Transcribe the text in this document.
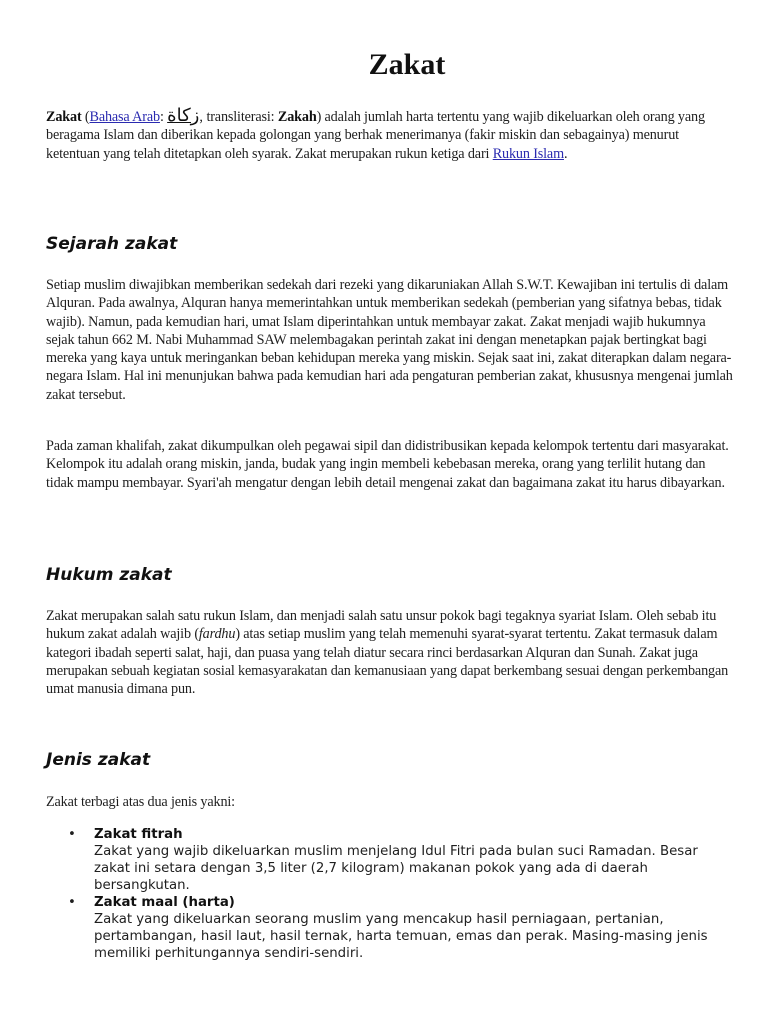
Zakat

Zakat (Bahasa Arab: زكاة, transliterasi: Zakah) adalah jumlah harta tertentu yang wajib dikeluarkan oleh orang yang beragama Islam dan diberikan kepada golongan yang berhak menerimanya (fakir miskin dan sebagainya) menurut ketentuan yang telah ditetapkan oleh syarak. Zakat merupakan rukun ketiga dari Rukun Islam.

Sejarah zakat

Setiap muslim diwajibkan memberikan sedekah dari rezeki yang dikaruniakan Allah S.W.T. Kewajiban ini tertulis di dalam Alquran. Pada awalnya, Alquran hanya memerintahkan untuk memberikan sedekah (pemberian yang sifatnya bebas, tidak wajib). Namun, pada kemudian hari, umat Islam diperintahkan untuk membayar zakat. Zakat menjadi wajib hukumnya sejak tahun 662 M. Nabi Muhammad SAW melembagakan perintah zakat ini dengan menetapkan pajak bertingkat bagi mereka yang kaya untuk meringankan beban kehidupan mereka yang miskin. Sejak saat ini, zakat diterapkan dalam negara-negara Islam. Hal ini menunjukan bahwa pada kemudian hari ada pengaturan pemberian zakat, khususnya mengenai jumlah zakat tersebut.

Pada zaman khalifah, zakat dikumpulkan oleh pegawai sipil dan didistribusikan kepada kelompok tertentu dari masyarakat. Kelompok itu adalah orang miskin, janda, budak yang ingin membeli kebebasan mereka, orang yang terlilit hutang dan tidak mampu membayar. Syari'ah mengatur dengan lebih detail mengenai zakat dan bagaimana zakat itu harus dibayarkan.

Hukum zakat

Zakat merupakan salah satu rukun Islam, dan menjadi salah satu unsur pokok bagi tegaknya syariat Islam. Oleh sebab itu hukum zakat adalah wajib (fardhu) atas setiap muslim yang telah memenuhi syarat-syarat tertentu. Zakat termasuk dalam kategori ibadah seperti salat, haji, dan puasa yang telah diatur secara rinci berdasarkan Alquran dan Sunah. Zakat juga merupakan sebuah kegiatan sosial kemasyarakatan dan kemanusiaan yang dapat berkembang sesuai dengan perkembangan umat manusia dimana pun.

Jenis zakat

Zakat terbagi atas dua jenis yakni:

• Zakat fitrah
Zakat yang wajib dikeluarkan muslim menjelang Idul Fitri pada bulan suci Ramadan. Besar zakat ini setara dengan 3,5 liter (2,7 kilogram) makanan pokok yang ada di daerah bersangkutan.
• Zakat maal (harta)
Zakat yang dikeluarkan seorang muslim yang mencakup hasil perniagaan, pertanian, pertambangan, hasil laut, hasil ternak, harta temuan, emas dan perak. Masing-masing jenis memiliki perhitungannya sendiri-sendiri.
